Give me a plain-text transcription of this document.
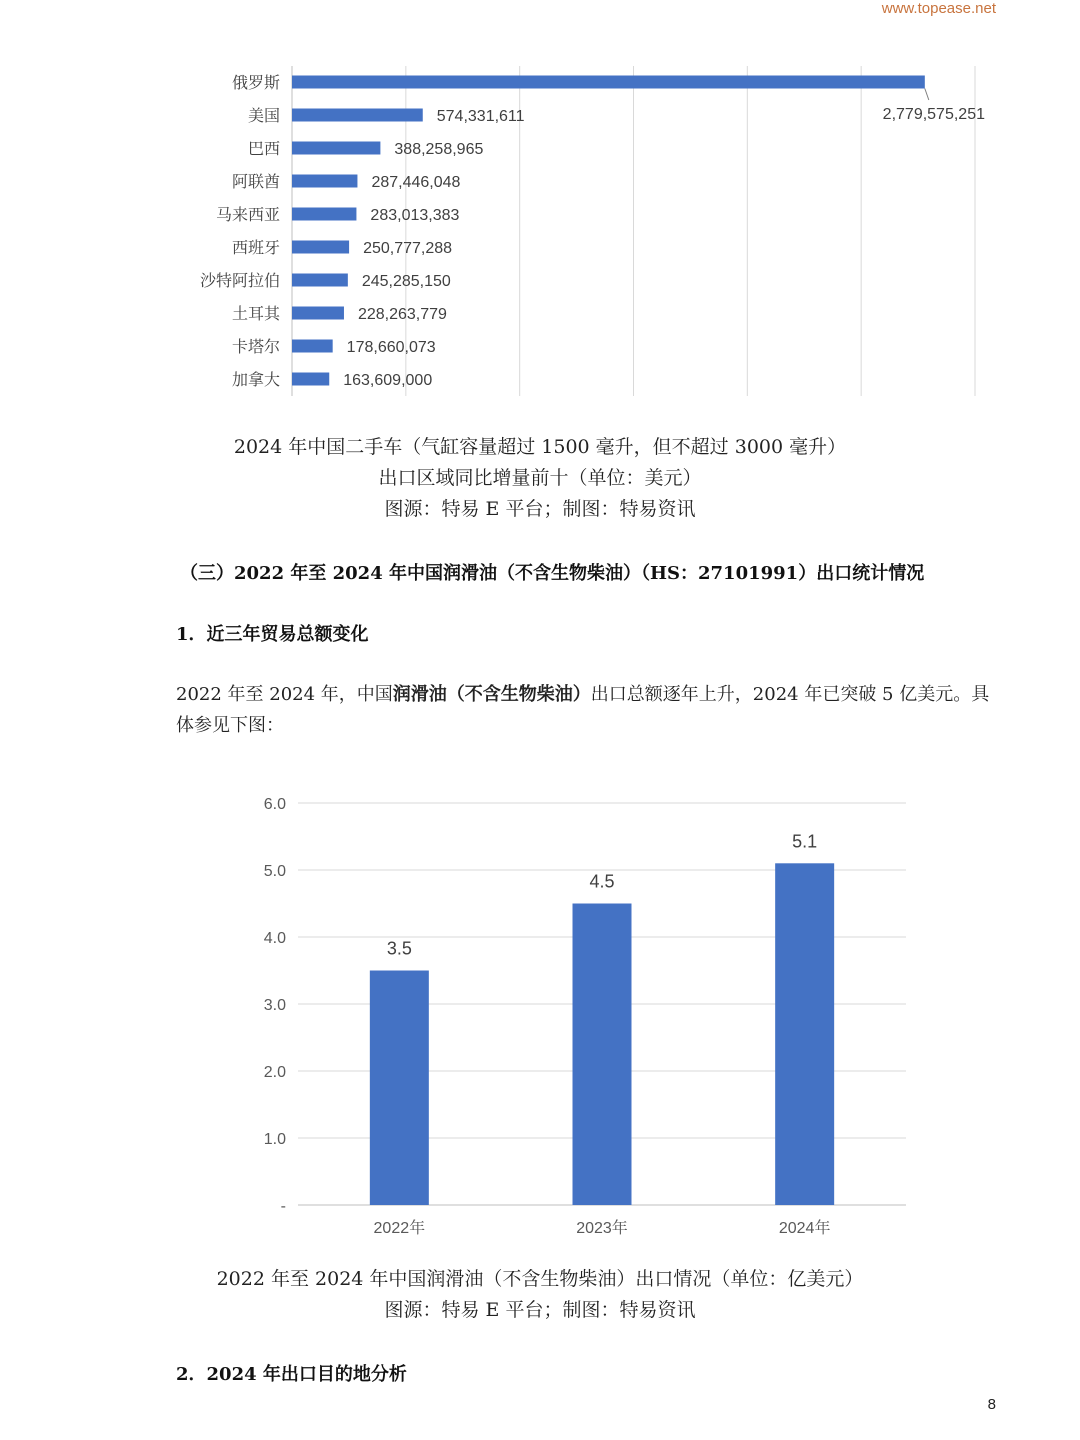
www.topease.net
俄罗斯
2,779,575,251
美国	574,331,611
巴西	388,258,965
阿联酋	287,446,048
马来西亚	283,013,383
西班牙	250,777,288
沙特阿拉伯	245,285,150
土耳其	228,263,779
卡塔尔	178,660,073
加拿大	163,609,000
2024 年中国二手车（气缸容量超过 1500 毫升，但不超过 3000 毫升）
出口区域同比增量前十（单位：美元）
图源：特易 E 平台；制图：特易资讯
（三）2022 年至 2024 年中国润滑油（不含生物柴油）（HS：27101991）出口统计情况
1．近三年贸易总额变化
2022 年至 2024 年，中国润滑油（不含生物柴油）出口总额逐年上升，2024 年已突破 5 亿美元。具体参见下图：
-
1.0
2.0
3.0
4.0
5.0
6.0
3.5
2022年
4.5
2023年
5.1
2024年
2022 年至 2024 年中国润滑油（不含生物柴油）出口情况（单位：亿美元）
图源：特易 E 平台；制图：特易资讯
2．2024 年出口目的地分析
8
